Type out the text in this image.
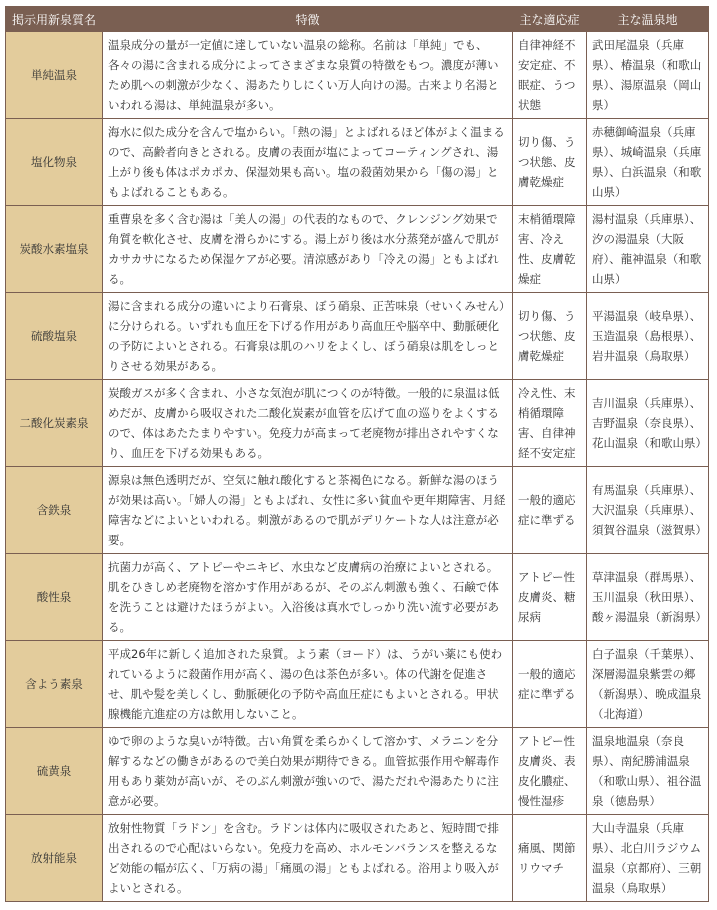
掲示用新泉質名	特徴	主な適応症	主な温泉地
単純温泉	温泉成分の量が一定値に達していない温泉の総称。名前は「単純」でも、各々の湯に含まれる成分によってさまざまな泉質の特徴をもつ。濃度が薄いため肌への刺激が少なく、湯あたりしにくい万人向けの湯。古来より名湯といわれる湯は、単純温泉が多い。	自律神経不安定症、不眠症、うつ状態	武田尾温泉（兵庫県）、椿温泉（和歌山県）、湯原温泉（岡山県）
塩化物泉	海水に似た成分を含んで塩からい。「熱の湯」とよばれるほど体がよく温まるので、高齢者向きとされる。皮膚の表面が塩によってコーティングされ、湯上がり後も体はポカポカ、保湿効果も高い。塩の殺菌効果から「傷の湯」ともよばれることもある。	切り傷、うつ状態、皮膚乾燥症	赤穂御崎温泉（兵庫県）、城崎温泉（兵庫県）、白浜温泉（和歌山県）
炭酸水素塩泉	重曹泉を多く含む湯は「美人の湯」の代表的なもので、クレンジング効果で角質を軟化させ、皮膚を滑らかにする。湯上がり後は水分蒸発が盛んで肌がカサカサになるため保湿ケアが必要。清涼感があり「冷えの湯」ともよばれる。	末梢循環障害、冷え性、皮膚乾燥症	湯村温泉（兵庫県）、汐の湯温泉（大阪府）、龍神温泉（和歌山県）
硫酸塩泉	湯に含まれる成分の違いにより石膏泉、ぼう硝泉、正苦味泉（せいくみせん）に分けられる。いずれも血圧を下げる作用があり高血圧や脳卒中、動脈硬化の予防によいとされる。石膏泉は肌のハリをよくし、ぼう硝泉は肌をしっとりさせる効果がある。	切り傷、うつ状態、皮膚乾燥症	平湯温泉（岐阜県）、玉造温泉（島根県）、岩井温泉（鳥取県）
二酸化炭素泉	炭酸ガスが多く含まれ、小さな気泡が肌につくのが特徴。一般的に泉温は低めだが、皮膚から吸収された二酸化炭素が血管を広げて血の巡りをよくするので、体はあたたまりやすい。免疫力が高まって老廃物が排出されやすくなり、血圧を下げる効果もある。	冷え性、末梢循環障害、自律神経不安定症	吉川温泉（兵庫県）、吉野温泉（奈良県）、花山温泉（和歌山県）
含鉄泉	源泉は無色透明だが、空気に触れ酸化すると茶褐色になる。新鮮な湯のほうが効果は高い。「婦人の湯」ともよばれ、女性に多い貧血や更年期障害、月経障害などによいといわれる。刺激があるので肌がデリケートな人は注意が必要。	一般的適応症に準ずる	有馬温泉（兵庫県）、大沢温泉（兵庫県）、須賀谷温泉（滋賀県）
酸性泉	抗菌力が高く、アトピーやニキビ、水虫など皮膚病の治療によいとされる。肌をひきしめ老廃物を溶かす作用があるが、そのぶん刺激も強く、石鹸で体を洗うことは避けたほうがよい。入浴後は真水でしっかり洗い流す必要がある。	アトピー性皮膚炎、糖尿病	草津温泉（群馬県）、玉川温泉（秋田県）、酸ヶ湯温泉（新潟県）
含よう素泉	平成26年に新しく追加された泉質。よう素（ヨード）は、うがい薬にも使われているように殺菌作用が高く、湯の色は茶色が多い。体の代謝を促進させ、肌や髪を美しくし、動脈硬化の予防や高血圧症にもよいとされる。甲状腺機能亢進症の方は飲用しないこと。	一般的適応症に準ずる	白子温泉（千葉県）、深層湯温泉紫雲の郷（新潟県）、晩成温泉（北海道）
硫黄泉	ゆで卵のような臭いが特徴。古い角質を柔らかくして溶かす、メラニンを分解するなどの働きがあるので美白効果が期待できる。血管拡張作用や解毒作用もあり薬効が高いが、そのぶん刺激が強いので、湯ただれや湯あたりに注意が必要。	アトピー性皮膚炎、表皮化膿症、慢性湿疹	温泉地温泉（奈良県）、南紀勝浦温泉（和歌山県）、祖谷温泉（徳島県）
放射能泉	放射性物質「ラドン」を含む。ラドンは体内に吸収されたあと、短時間で排出されるので心配はいらない。免疫力を高め、ホルモンバランスを整えるなど効能の幅が広く、「万病の湯」「痛風の湯」ともよばれる。浴用より吸入がよいとされる。	痛風、関節リウマチ	大山寺温泉（兵庫県）、北白川ラジウム温泉（京都府）、三朝温泉（鳥取県）
